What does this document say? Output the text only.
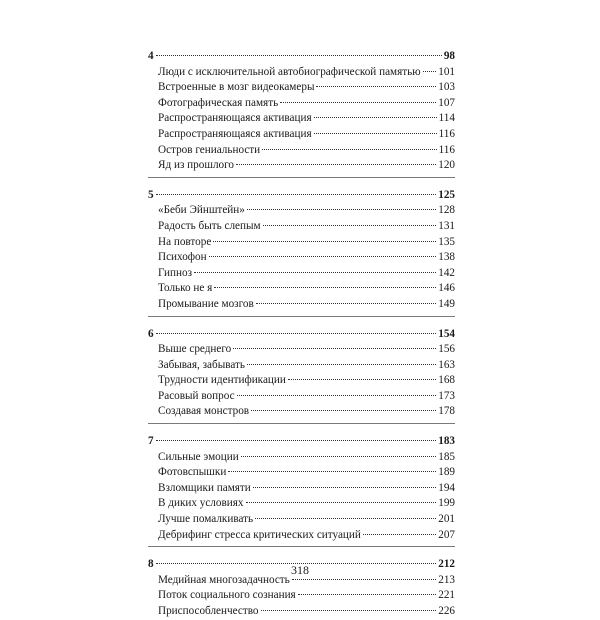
4	98
Люди с исключительной автобиографической памятью 101
Встроенные в мозг видеокамеры	103
Фотографическая память	107
Распространяющаяся активация	114
Распространяющаяся активация	116
Остров гениальности	116
Яд из прошлого	120
5	125
«Беби Эйнштейн»	128
Радость быть слепым	131
На повторе	135
Психофон	138
Гипноз	142
Только не я	146
Промывание мозгов	149
6	154
Выше среднего	156
Забывая, забывать	163
Трудности идентификации	168
Расовый вопрос	173
Создавая монстров	178
7	183
Сильные эмоции	185
Фотовспышки	189
Взломщики памяти	194
В диких условиях	199
Лучше помалкивать	201
Дебрифинг стресса критических ситуаций	207
8	212
Медийная многозадачность	213
Поток социального сознания	221
Приспособленчество	226
318
